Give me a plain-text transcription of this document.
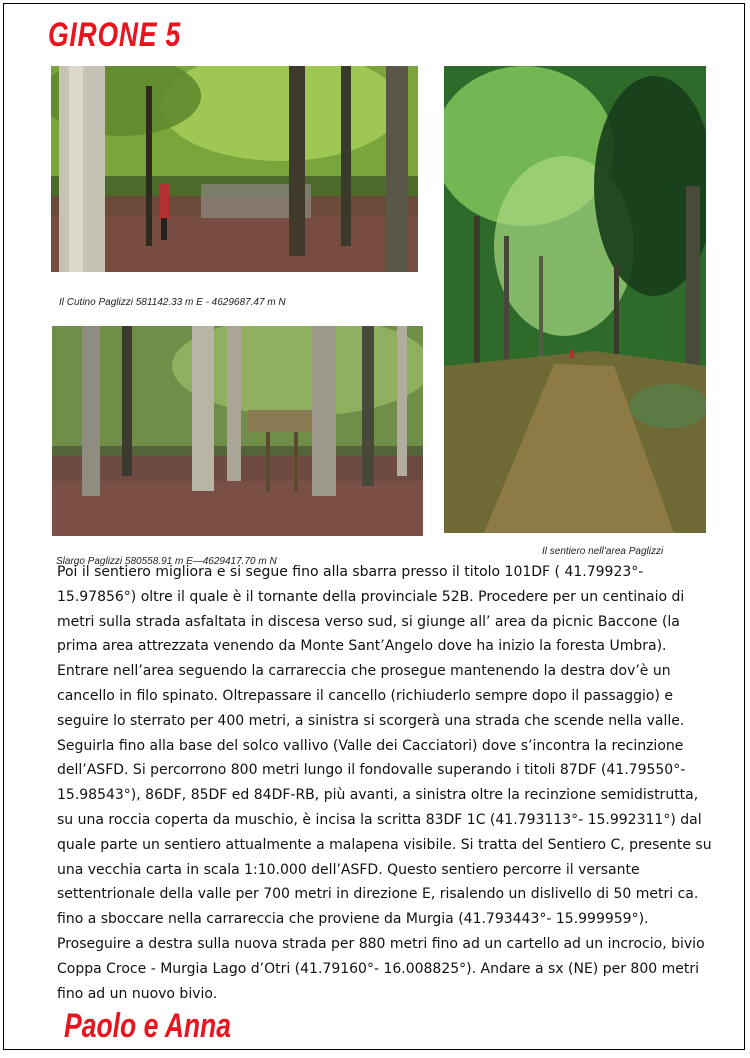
GIRONE 5
Il Cutino Paglizzi 581142.33 m E - 4629687.47 m N
Il sentiero nell’area Paglizzi
Slargo Paglizzi 580558.91 m E—4629417.70 m N

Poi il sentiero migliora e si segue fino alla sbarra presso il titolo 101DF ( 41.79923°- 15.97856°) oltre il quale è il tornante della provinciale 52B. Procedere per un centinaio di metri sulla strada asfaltata in discesa verso sud, si giunge all’ area da picnic Baccone (la prima area attrezzata venendo da Monte Sant’Angelo dove ha inizio la foresta Umbra). Entrare nell’area seguendo la carrareccia che prosegue mantenendo la destra dov’è un cancello in filo spinato. Oltrepassare il cancello (richiuderlo sempre dopo il passaggio) e seguire lo sterrato per 400 metri, a sinistra si scorgerà una strada che scende nella valle. Seguirla fino alla base del solco vallivo (Valle dei Cacciatori) dove s’incontra la recinzione dell’ASFD. Si percorrono 800 metri lungo il fondovalle superando i titoli 87DF (41.79550°- 15.98543°), 86DF, 85DF ed 84DF-RB, più avanti, a sinistra oltre la recinzione semidistrutta, su una roccia coperta da muschio, è incisa la scritta 83DF 1C (41.793113°- 15.992311°) dal quale parte un sentiero attualmente a malapena visibile. Si tratta del Sentiero C, presente su una vecchia carta in scala 1:10.000 dell’ASFD. Questo sentiero percorre il versante settentrionale della valle per 700 metri in direzione E, risalendo un dislivello di 50 metri ca. fino a sboccare nella carrareccia che proviene da Murgia (41.793443°- 15.999959°). Proseguire a destra sulla nuova strada per 880 metri fino ad un cartello ad un incrocio, bivio Coppa Croce - Murgia Lago d’Otri (41.79160°- 16.008825°). Andare a sx (NE) per 800 metri fino ad un nuovo bivio.

Paolo e Anna
